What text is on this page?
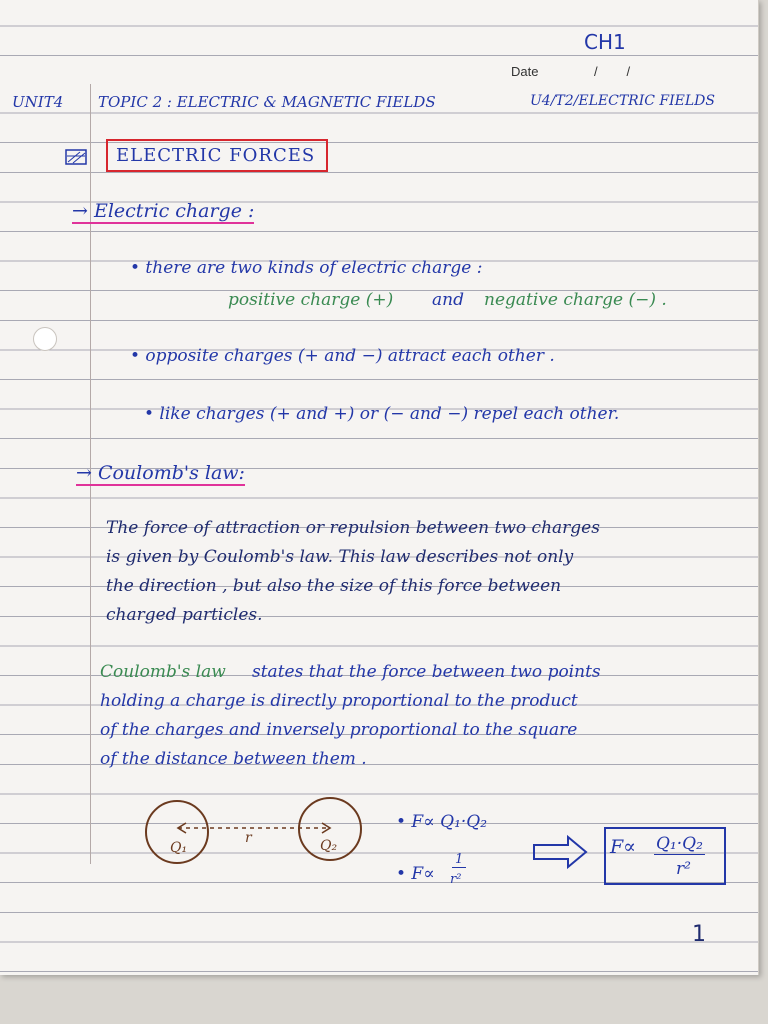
CH1
Date	/        /
UNIT4 TOPIC 2 : ELECTRIC & MAGNETIC FIELDS	U4/T2/ELECTRIC FIELDS
ELECTRIC FORCES
→ Electric charge :
• there are two kinds of electric charge :
positive charge (+) and negative charge (−) .
• opposite charges (+ and −) attract each other .
• like charges (+ and +) or (− and −) repel each other.
→ Coulomb's law:
The force of attraction or repulsion between two charges
is given by Coulomb's law. This law describes not only
the direction , but also the size of this force between
charged particles.
Coulomb's law states that the force between two points
holding a charge is directly proportional to the product
of the charges and inversely proportional to the square
of the distance between them .
Q₁	Q₂
r
• F∝ Q₁·Q₂
• F∝
1
r²
F∝ Q₁·Q₂
r²
1
